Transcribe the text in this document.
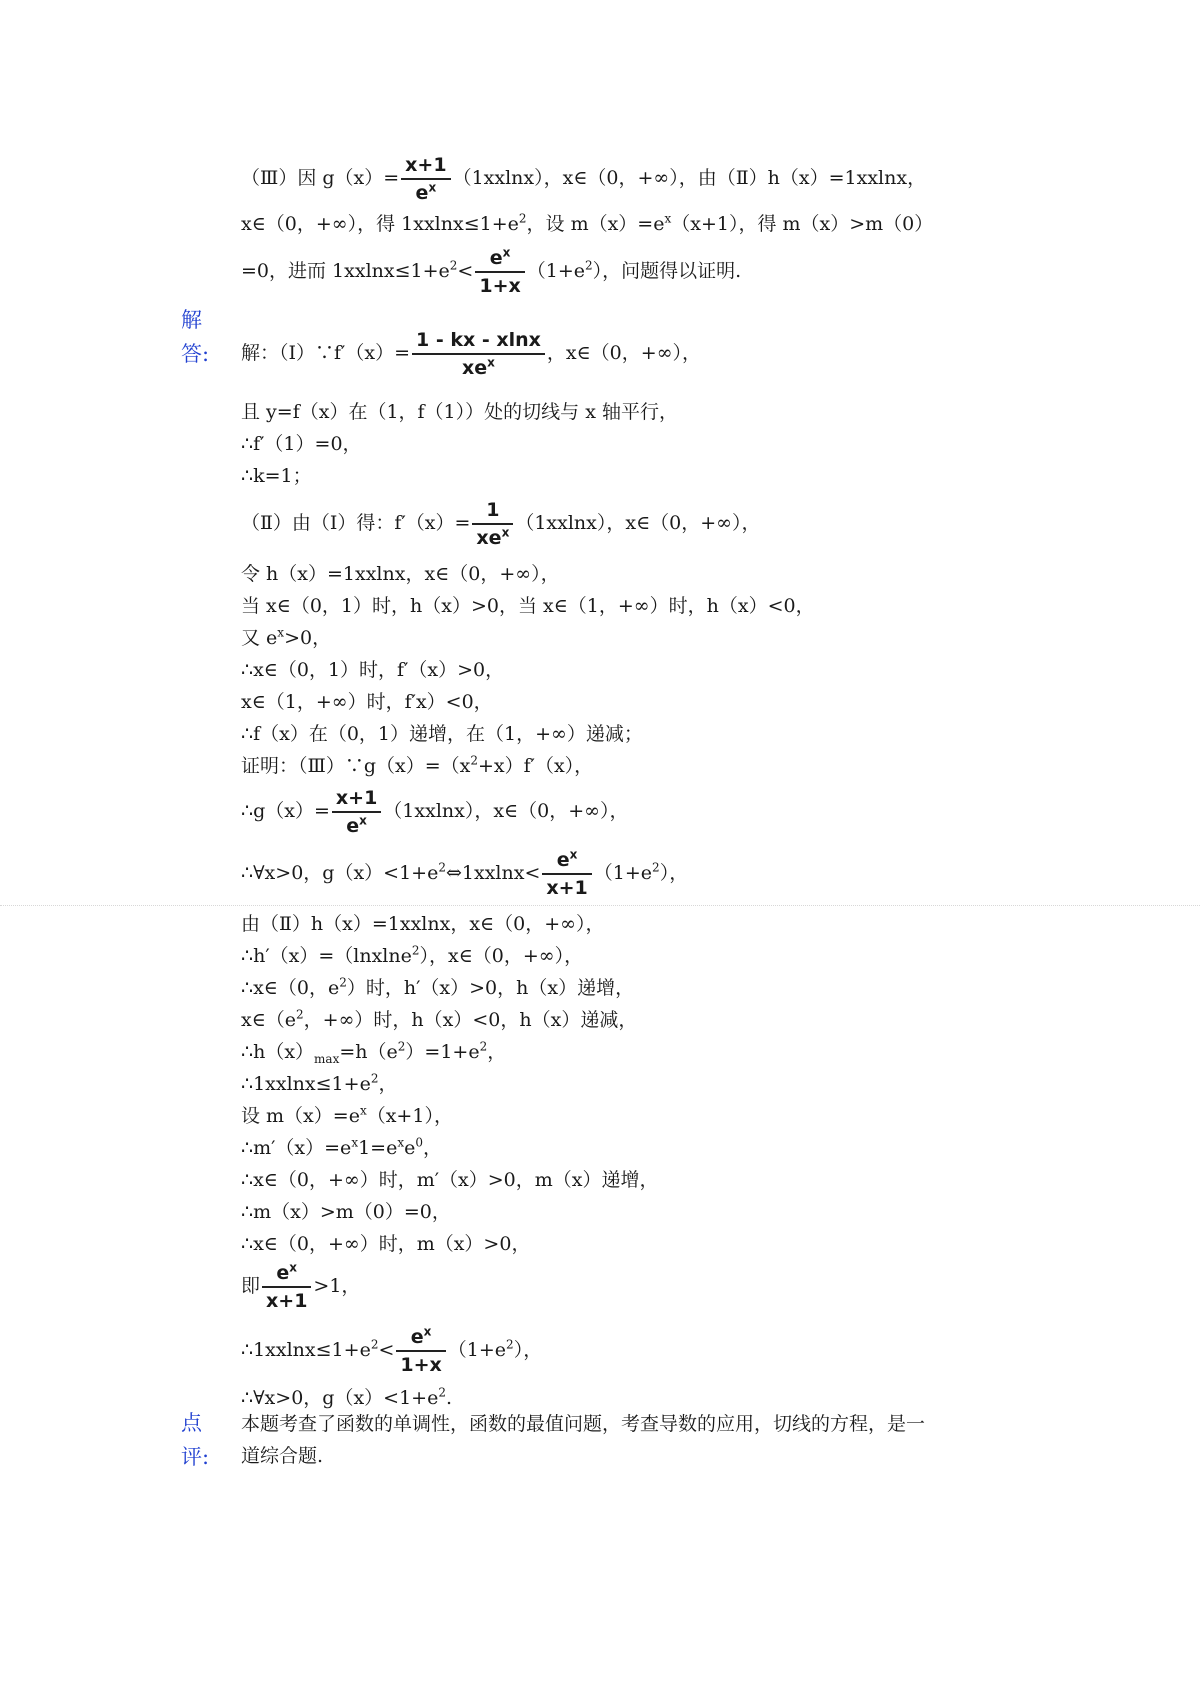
（Ⅲ）因 $g(x)= \frac{x+1}{e^x}$ （1﻿x﻿xlnx），x∈（0，+∞），由（Ⅱ）h（x）=1﻿x﻿xlnx，
x∈（0，+∞），得 1﻿x﻿xlnx≤1+e﻿$^2$，设 $m(x)=e^x﻿(x+1)$，得 m（x）>m（0）
=0，进而 1﻿x﻿xlnx≤1+e﻿$^2$< $\frac{e^x}{1+x}$ （1+e﻿$^2$），问题得以证明.
解
答:	解：（Ⅰ）∵f′（x）= $\frac{1 - kx - xlnx}{xe^x}$ ，x∈（0，+∞），
且 y=f（x）在（1，f（1））处的切线与 x 轴平行，
∴f′（1）=0，
∴k=1；
（Ⅱ）由（Ⅰ）得：$f'(x)= \frac{1}{xe^x}$ （1﻿x﻿xlnx），x∈（0，+∞），
令 h（x）=1﻿x﻿xlnx，x∈（0，+∞），
当 x∈（0，1）时，h（x）>0，当 x∈（1，+∞）时，h（x）<0，
又 $e^x>0$，
∴x∈（0，1）时，f′（x）>0，
x∈（1，+∞）时，f′x）<0，
∴f（x）在（0，1）递增，在（1，+∞）递减；
证明：$(Ⅲ)\because g(x)=(x^2+x)f'(x)$，
∴g（x）= $\frac{x+1}{e^x}$ （1﻿x﻿xlnx），x∈（0，+∞），
∴∀x>0，g（x）<1+e﻿$^2$⇔1﻿x﻿xlnx< $\frac{e^x}{x+1}$ （1+e﻿$^2$），
由（Ⅱ）h（x）=1﻿x﻿xlnx，x∈（0，+∞），
∴h′（x）=﻿（lnx﻿lne﻿$^2$），x∈（0，+∞），
∴x∈（0，e﻿$^2$）时，h′（x）>0，h（x）递增，
x∈（e﻿$^2$，+∞）时，h（x）<0，h（x）递减，
$\therefore h(x)_{max}=h(e﻿^2)=1+e﻿^2$，
∴1﻿x﻿xlnx≤1+e﻿$^2$，
设 $m(x)=e^x﻿(x+1)$，
$\therefore m'(x)=e^x﻿1=e^x﻿e^0$，
∴x∈（0，+∞）时，m′（x）>0，m（x）递增，
∴m（x）>m（0）=0，
∴x∈（0，+∞）时，m（x）>0，
即 $\frac{e^x}{x+1} >1$，
∴1﻿x﻿xlnx≤1+e﻿$^2$< $\frac{e^x}{1+x}$ （1+e﻿$^2$），
∴∀x>0，g（x）<1+e﻿$^2$.
点
评:
本题考查了函数的单调性，函数的最值问题，考查导数的应用，切线的方程，是一
道综合题.
